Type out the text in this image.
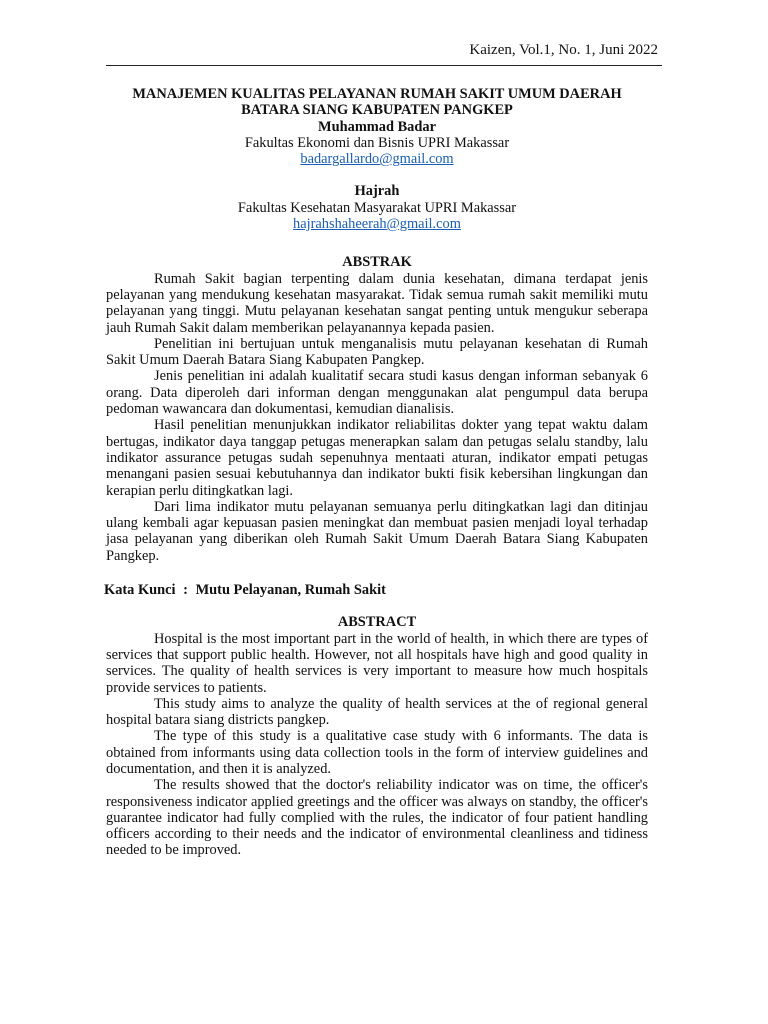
Kaizen, Vol.1, No. 1, Juni 2022
MANAJEMEN KUALITAS PELAYANAN RUMAH SAKIT UMUM DAERAH
BATARA SIANG KABUPATEN PANGKEP
Muhammad Badar
Fakultas Ekonomi dan Bisnis UPRI Makassar
badargallardo@gmail.com
Hajrah
Fakultas Kesehatan Masyarakat UPRI Makassar
hajrahshaheerah@gmail.com
ABSTRAK

Rumah Sakit bagian terpenting dalam dunia kesehatan, dimana terdapat jenis pelayanan yang mendukung kesehatan masyarakat. Tidak semua rumah sakit memiliki mutu pelayanan yang tinggi. Mutu pelayanan kesehatan sangat penting untuk mengukur seberapa jauh Rumah Sakit dalam memberikan pelayanannya kepada pasien.

Penelitian ini bertujuan untuk menganalisis mutu pelayanan kesehatan di Rumah Sakit Umum Daerah Batara Siang Kabupaten Pangkep.

Jenis penelitian ini adalah kualitatif secara studi kasus dengan informan sebanyak 6 orang. Data diperoleh dari informan dengan menggunakan alat pengumpul data berupa pedoman wawancara dan dokumentasi, kemudian dianalisis.

Hasil penelitian menunjukkan indikator reliabilitas dokter yang tepat waktu dalam bertugas, indikator daya tanggap petugas menerapkan salam dan petugas selalu standby, lalu indikator assurance petugas sudah sepenuhnya mentaati aturan, indikator empati petugas menangani pasien sesuai kebutuhannya dan indikator bukti fisik kebersihan lingkungan dan kerapian perlu ditingkatkan lagi.

Dari lima indikator mutu pelayanan semuanya perlu ditingkatkan lagi dan ditinjau ulang kembali agar kepuasan pasien meningkat dan membuat pasien menjadi loyal terhadap jasa pelayanan yang diberikan oleh Rumah Sakit Umum Daerah Batara Siang Kabupaten Pangkep.

Kata Kunci : Mutu Pelayanan, Rumah Sakit
ABSTRACT

Hospital is the most important part in the world of health, in which there are types of services that support public health. However, not all hospitals have high and good quality in services. The quality of health services is very important to measure how much hospitals provide services to patients.

This study aims to analyze the quality of health services at the of regional general hospital batara siang districts pangkep.

The type of this study is a qualitative case study with 6 informants. The data is obtained from informants using data collection tools in the form of interview guidelines and documentation, and then it is analyzed.

The results showed that the doctor's reliability indicator was on time, the officer's responsiveness indicator applied greetings and the officer was always on standby, the officer's guarantee indicator had fully complied with the rules, the indicator of four patient handling officers according to their needs and the indicator of environmental cleanliness and tidiness needed to be improved.
